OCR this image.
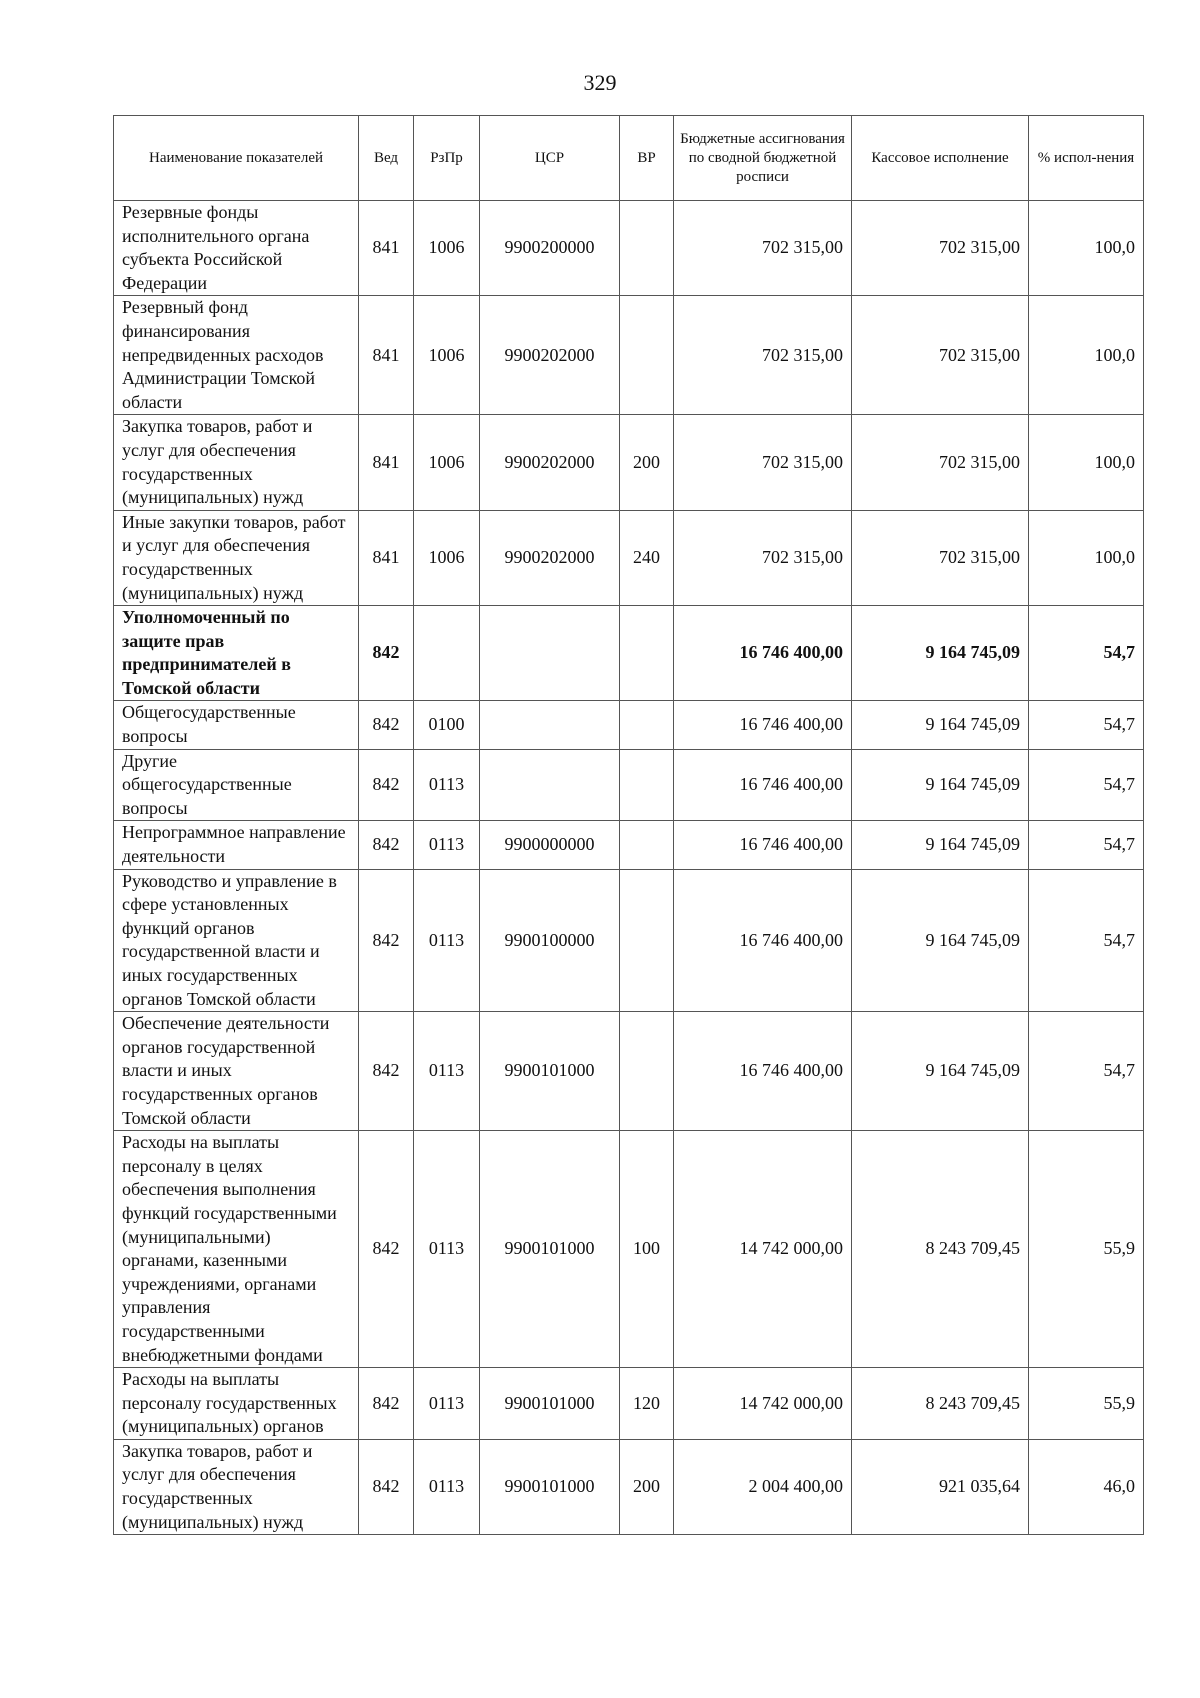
329
Наименование показателей	Вед	РзПр	ЦСР	ВР	Бюджетные ассигнования по сводной бюджетной росписи	Кассовое исполнение	% испол-нения
Резервные фонды исполнительного органа субъекта Российской Федерации	841	1006	9900200000		702 315,00	702 315,00	100,0
Резервный фонд финансирования непредвиденных расходов Администрации Томской области	841	1006	9900202000		702 315,00	702 315,00	100,0
Закупка товаров, работ и услуг для обеспечения государственных (муниципальных) нужд	841	1006	9900202000	200	702 315,00	702 315,00	100,0
Иные закупки товаров, работ и услуг для обеспечения государственных (муниципальных) нужд	841	1006	9900202000	240	702 315,00	702 315,00	100,0
Уполномоченный по защите прав предпринимателей в Томской области	842				16 746 400,00	9 164 745,09	54,7
Общегосударственные вопросы	842	0100			16 746 400,00	9 164 745,09	54,7
Другие общегосударственные вопросы	842	0113			16 746 400,00	9 164 745,09	54,7
Непрограммное направление деятельности	842	0113	9900000000		16 746 400,00	9 164 745,09	54,7
Руководство и управление в сфере установленных функций органов государственной власти и иных государственных органов Томской области	842	0113	9900100000		16 746 400,00	9 164 745,09	54,7
Обеспечение деятельности органов государственной власти и иных государственных органов Томской области	842	0113	9900101000		16 746 400,00	9 164 745,09	54,7
Расходы на выплаты персоналу в целях обеспечения выполнения функций государственными (муниципальными) органами, казенными учреждениями, органами управления государственными внебюджетными фондами	842	0113	9900101000	100	14 742 000,00	8 243 709,45	55,9
Расходы на выплаты персоналу государственных (муниципальных) органов	842	0113	9900101000	120	14 742 000,00	8 243 709,45	55,9
Закупка товаров, работ и услуг для обеспечения государственных (муниципальных) нужд	842	0113	9900101000	200	2 004 400,00	921 035,64	46,0
